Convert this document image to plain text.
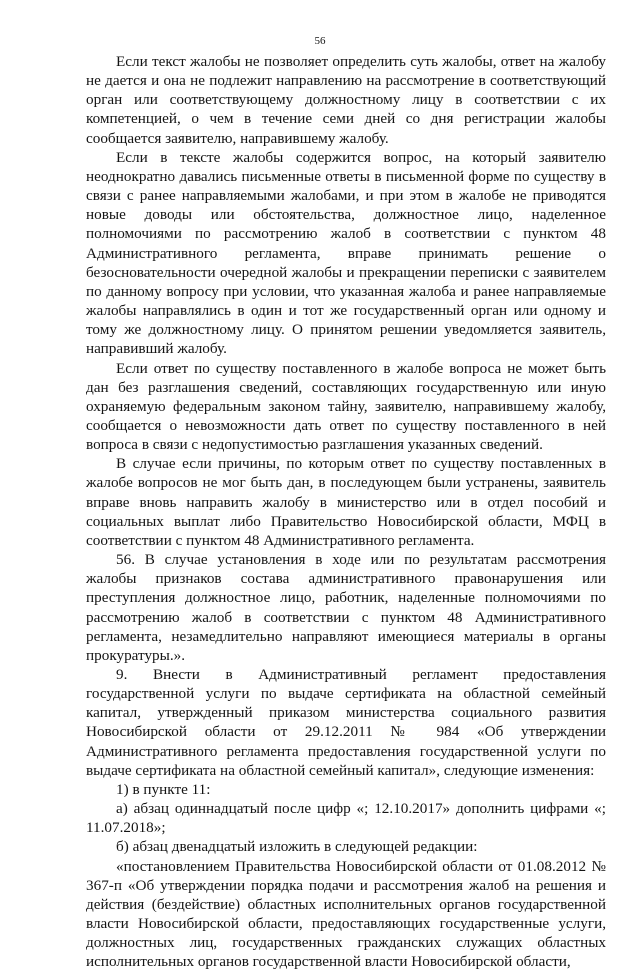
56

Если текст жалобы не позволяет определить суть жалобы, ответ на жалобу не дается и она не подлежит направлению на рассмотрение в соответствующий орган или соответствующему должностному лицу в соответствии с их компетенцией, о чем в течение семи дней со дня регистрации жалобы сообщается заявителю, направившему жалобу.

Если в тексте жалобы содержится вопрос, на который заявителю неоднократно давались письменные ответы в письменной форме по существу в связи с ранее направляемыми жалобами, и при этом в жалобе не приводятся новые доводы или обстоятельства, должностное лицо, наделенное полномочиями по рассмотрению жалоб в соответствии с пунктом 48 Административного регламента, вправе принимать решение о безосновательности очередной жалобы и прекращении переписки с заявителем по данному вопросу при условии, что указанная жалоба и ранее направляемые жалобы направлялись в один и тот же государственный орган или одному и тому же должностному лицу. О принятом решении уведомляется заявитель, направивший жалобу.

Если ответ по существу поставленного в жалобе вопроса не может быть дан без разглашения сведений, составляющих государственную или иную охраняемую федеральным законом тайну, заявителю, направившему жалобу, сообщается о невозможности дать ответ по существу поставленного в ней вопроса в связи с недопустимостью разглашения указанных сведений.

В случае если причины, по которым ответ по существу поставленных в жалобе вопросов не мог быть дан, в последующем были устранены, заявитель вправе вновь направить жалобу в министерство или в отдел пособий и социальных выплат либо Правительство Новосибирской области, МФЦ в соответствии с пунктом 48 Административного регламента.

56. В случае установления в ходе или по результатам рассмотрения жалобы признаков состава административного правонарушения или преступления должностное лицо, работник, наделенные полномочиями по рассмотрению жалоб в соответствии с пунктом 48 Административного регламента, незамедлительно направляют имеющиеся материалы в органы прокуратуры.».

9. Внести в Административный регламент предоставления государственной услуги по выдаче сертификата на областной семейный капитал, утвержденный приказом министерства социального развития Новосибирской области от 29.12.2011 № 984 «Об утверждении Административного регламента предоставления государственной услуги по выдаче сертификата на областной семейный капитал», следующие изменения:

1) в пункте 11:

а) абзац одиннадцатый после цифр «; 12.10.2017» дополнить цифрами «; 11.07.2018»;

б) абзац двенадцатый изложить в следующей редакции:

«постановлением Правительства Новосибирской области от 01.08.2012 № 367-п «Об утверждении порядка подачи и рассмотрения жалоб на решения и действия (бездействие) областных исполнительных органов государственной власти Новосибирской области, предоставляющих государственные услуги, должностных лиц, государственных гражданских служащих областных исполнительных органов государственной власти Новосибирской области,
